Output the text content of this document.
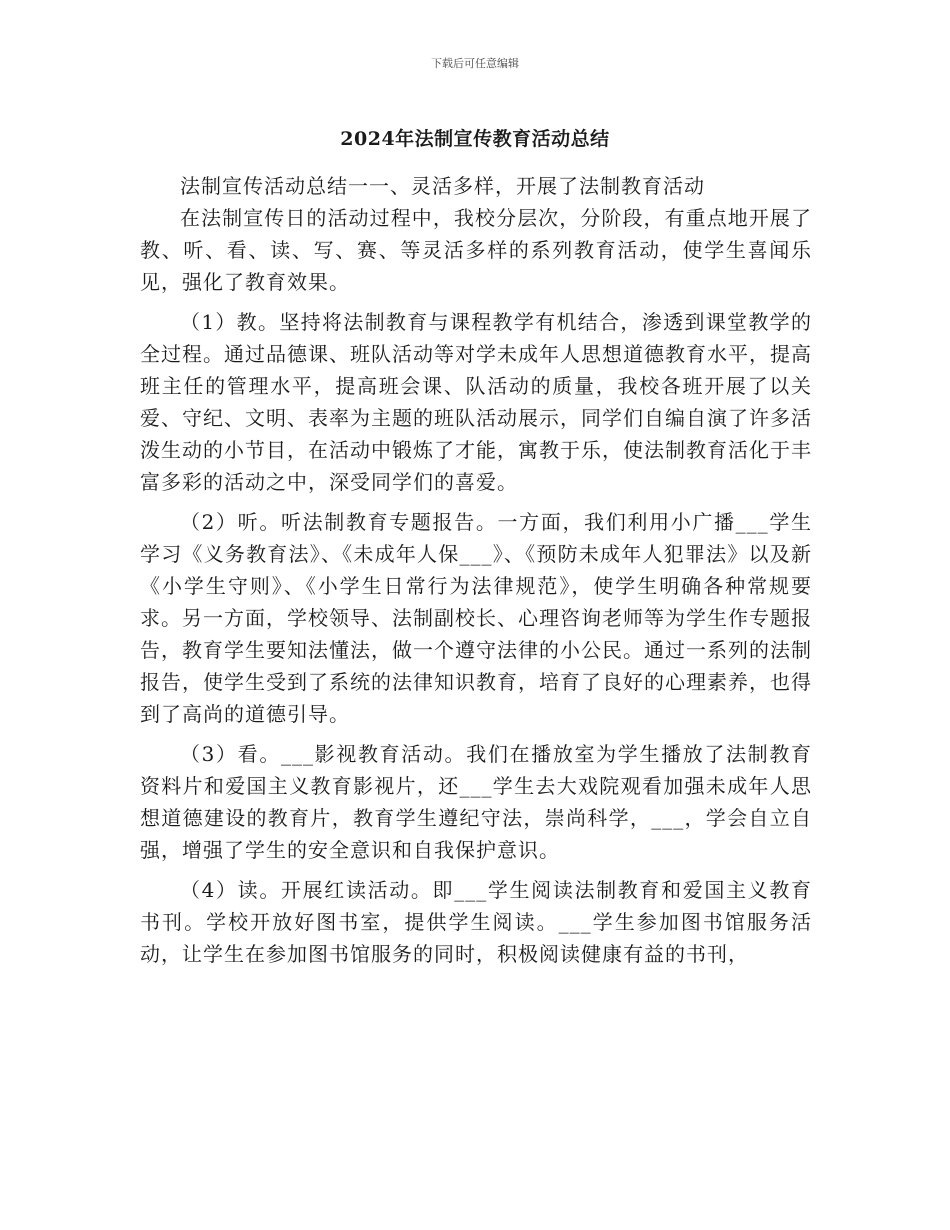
下载后可任意编辑
2024年法制宣传教育活动总结

法制宣传活动总结一一、灵活多样，开展了法制教育活动

在法制宣传日的活动过程中，我校分层次，分阶段，有重点地开展了教、听、看、读、写、赛、等灵活多样的系列教育活动，使学生喜闻乐见，强化了教育效果。

（1）教。坚持将法制教育与课程教学有机结合，渗透到课堂教学的全过程。通过品德课、班队活动等对学未成年人思想道德教育水平，提高班主任的管理水平，提高班会课、队活动的质量，我校各班开展了以关爱、守纪、文明、表率为主题的班队活动展示，同学们自编自演了许多活泼生动的小节目，在活动中锻炼了才能，寓教于乐，使法制教育活化于丰富多彩的活动之中，深受同学们的喜爱。

（2）听。听法制教育专题报告。一方面，我们利用小广播___学生学习《义务教育法》、《未成年人保___》、《预防未成年人犯罪法》以及新《小学生守则》、《小学生日常行为法律规范》，使学生明确各种常规要求。另一方面，学校领导、法制副校长、心理咨询老师等为学生作专题报告，教育学生要知法懂法，做一个遵守法律的小公民。通过一系列的法制报告，使学生受到了系统的法律知识教育，培育了良好的心理素养，也得到了高尚的道德引导。

（3）看。___影视教育活动。我们在播放室为学生播放了法制教育资料片和爱国主义教育影视片，还___学生去大戏院观看加强未成年人思想道德建设的教育片，教育学生遵纪守法，崇尚科学，___，学会自立自强，增强了学生的安全意识和自我保护意识。

（4）读。开展红读活动。即___学生阅读法制教育和爱国主义教育书刊。学校开放好图书室，提供学生阅读。___学生参加图书馆服务活动，让学生在参加图书馆服务的同时，积极阅读健康有益的书刊，
